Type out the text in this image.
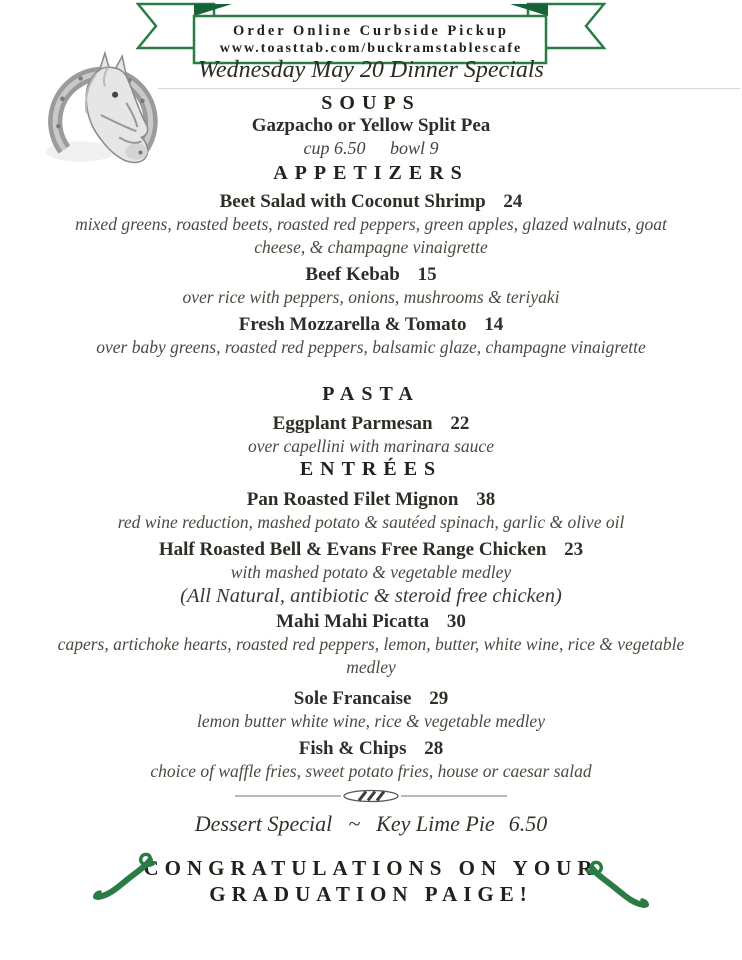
Order Online Curbside Pickup
www.toasttab.com/buckramstablescafe
Wednesday May 20 Dinner Specials
SOUPS
Gazpacho or Yellow Split Pea
cup 6.50 bowl 9
APPETIZERS
Beet Salad with Coconut Shrimp 24
mixed greens, roasted beets, roasted red peppers, green apples, glazed walnuts, goat cheese, & champagne vinaigrette
Beef Kebab 15
over rice with peppers, onions, mushrooms & teriyaki
Fresh Mozzarella & Tomato 14
over baby greens, roasted red peppers, balsamic glaze, champagne vinaigrette
PASTA
Eggplant Parmesan 22
over capellini with marinara sauce
ENTRÉES
Pan Roasted Filet Mignon 38
red wine reduction, mashed potato & sautéed spinach, garlic & olive oil
Half Roasted Bell & Evans Free Range Chicken 23
with mashed potato & vegetable medley
(All Natural, antibiotic & steroid free chicken)
Mahi Mahi Picatta 30
capers, artichoke hearts, roasted red peppers, lemon, butter, white wine, rice & vegetable medley
Sole Francaise 29
lemon butter white wine, rice & vegetable medley
Fish & Chips 28
choice of waffle fries, sweet potato fries, house or caesar salad
Dessert Special ~ Key Lime Pie 6.50
CONGRATULATIONS ON YOUR
GRADUATION PAIGE!
